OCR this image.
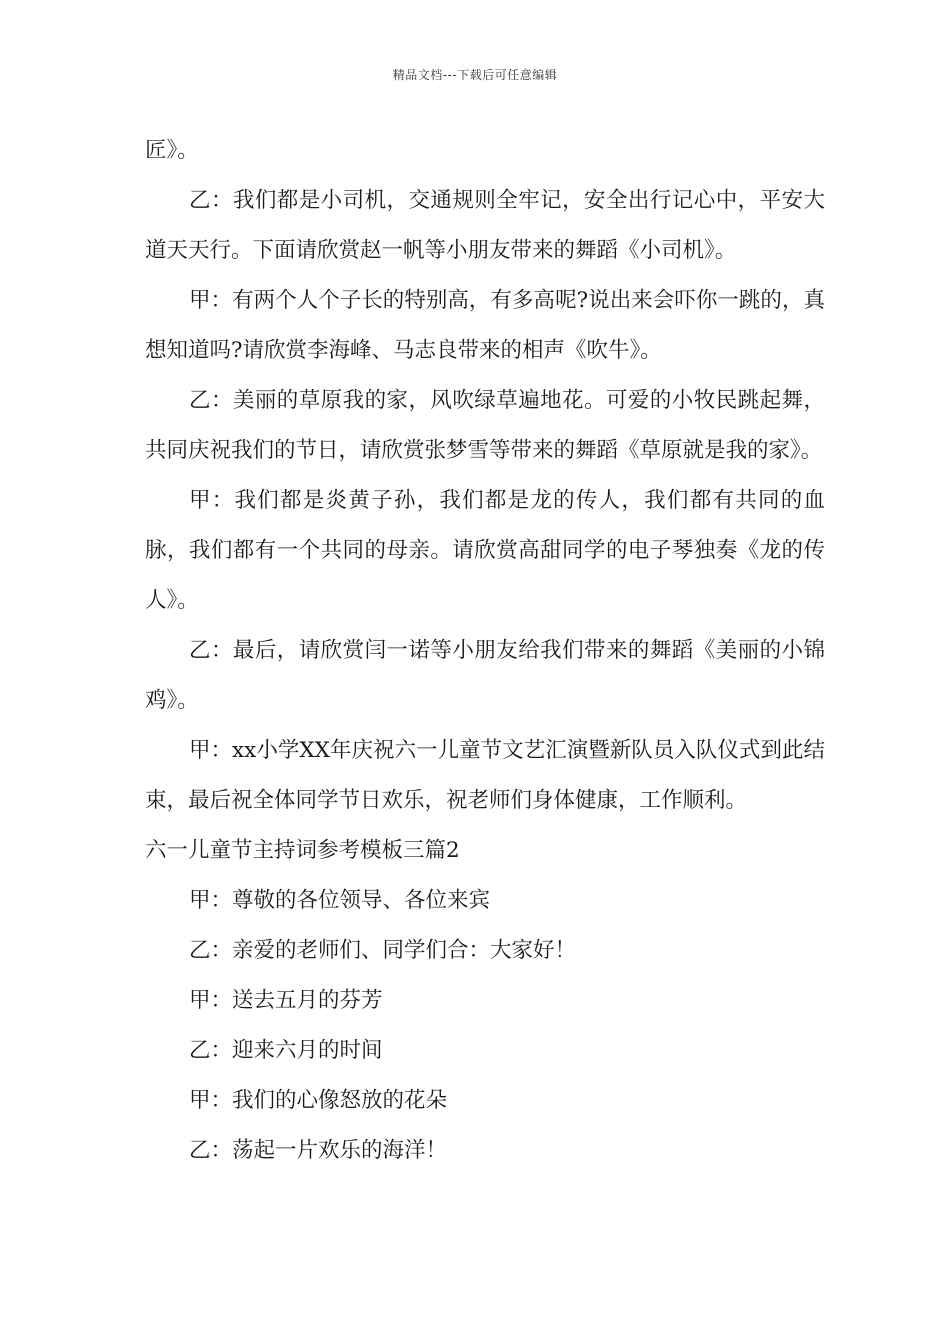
精品文档---下载后可任意编辑

匠》。

乙：我们都是小司机，交通规则全牢记，安全出行记心中，平安大道天天行。下面请欣赏赵一帆等小朋友带来的舞蹈《小司机》。

甲：有两个人个子长的特别高，有多高呢?说出来会吓你一跳的，真想知道吗?请欣赏李海峰、马志良带来的相声《吹牛》。

乙：美丽的草原我的家，风吹绿草遍地花。可爱的小牧民跳起舞，共同庆祝我们的节日，请欣赏张梦雪等带来的舞蹈《草原就是我的家》。

甲：我们都是炎黄子孙，我们都是龙的传人，我们都有共同的血脉，我们都有一个共同的母亲。请欣赏高甜同学的电子琴独奏《龙的传人》。

乙：最后，请欣赏闫一诺等小朋友给我们带来的舞蹈《美丽的小锦鸡》。

甲：xx小学XX年庆祝六一儿童节文艺汇演暨新队员入队仪式到此结束，最后祝全体同学节日欢乐，祝老师们身体健康，工作顺利。

六一儿童节主持词参考模板三篇2

甲：尊敬的各位领导、各位来宾

乙：亲爱的老师们、同学们合：大家好！

甲：送去五月的芬芳

乙：迎来六月的时间

甲：我们的心像怒放的花朵

乙：荡起一片欢乐的海洋！
